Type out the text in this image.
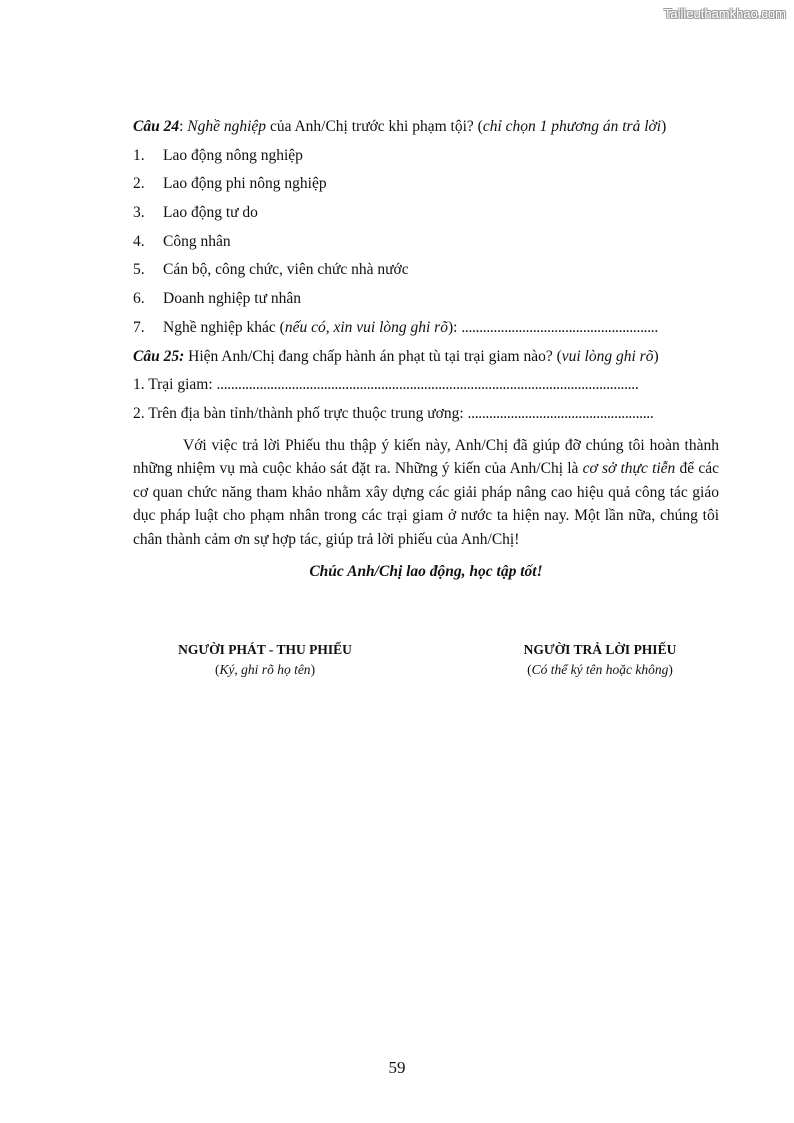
Tailieuthamkhao.com
Câu 24: Nghề nghiệp của Anh/Chị trước khi phạm tội? (chỉ chọn 1 phương án trả lời)
1. Lao động nông nghiệp
2. Lao động phi nông nghiệp
3. Lao động tư do
4. Công nhân
5. Cán bộ, công chức, viên chức nhà nước
6. Doanh nghiệp tư nhân
7. Nghề nghiệp khác (nếu có, xin vui lòng ghi rõ): .......................................................
Câu 25: Hiện Anh/Chị đang chấp hành án phạt tù tại trại giam nào? (vui lòng ghi rõ)
1. Trại giam: ......................................................................................................................
2. Trên địa bàn tỉnh/thành phố trực thuộc trung ương: ....................................................
Với việc trả lời Phiếu thu thập ý kiến này, Anh/Chị đã giúp đỡ chúng tôi hoàn thành những nhiệm vụ mà cuộc khảo sát đặt ra. Những ý kiến của Anh/Chị là cơ sở thực tiễn để các cơ quan chức năng tham khảo nhằm xây dựng các giải pháp nâng cao hiệu quả công tác giáo dục pháp luật cho phạm nhân trong các trại giam ở nước ta hiện nay. Một lần nữa, chúng tôi chân thành cảm ơn sự hợp tác, giúp trả lời phiếu của Anh/Chị!
Chúc Anh/Chị lao động, học tập tốt!
NGƯỜI PHÁT - THU PHIẾU
(Ký, ghi rõ họ tên)
NGƯỜI TRẢ LỜI PHIẾU
(Có thể ký tên hoặc không)
59
